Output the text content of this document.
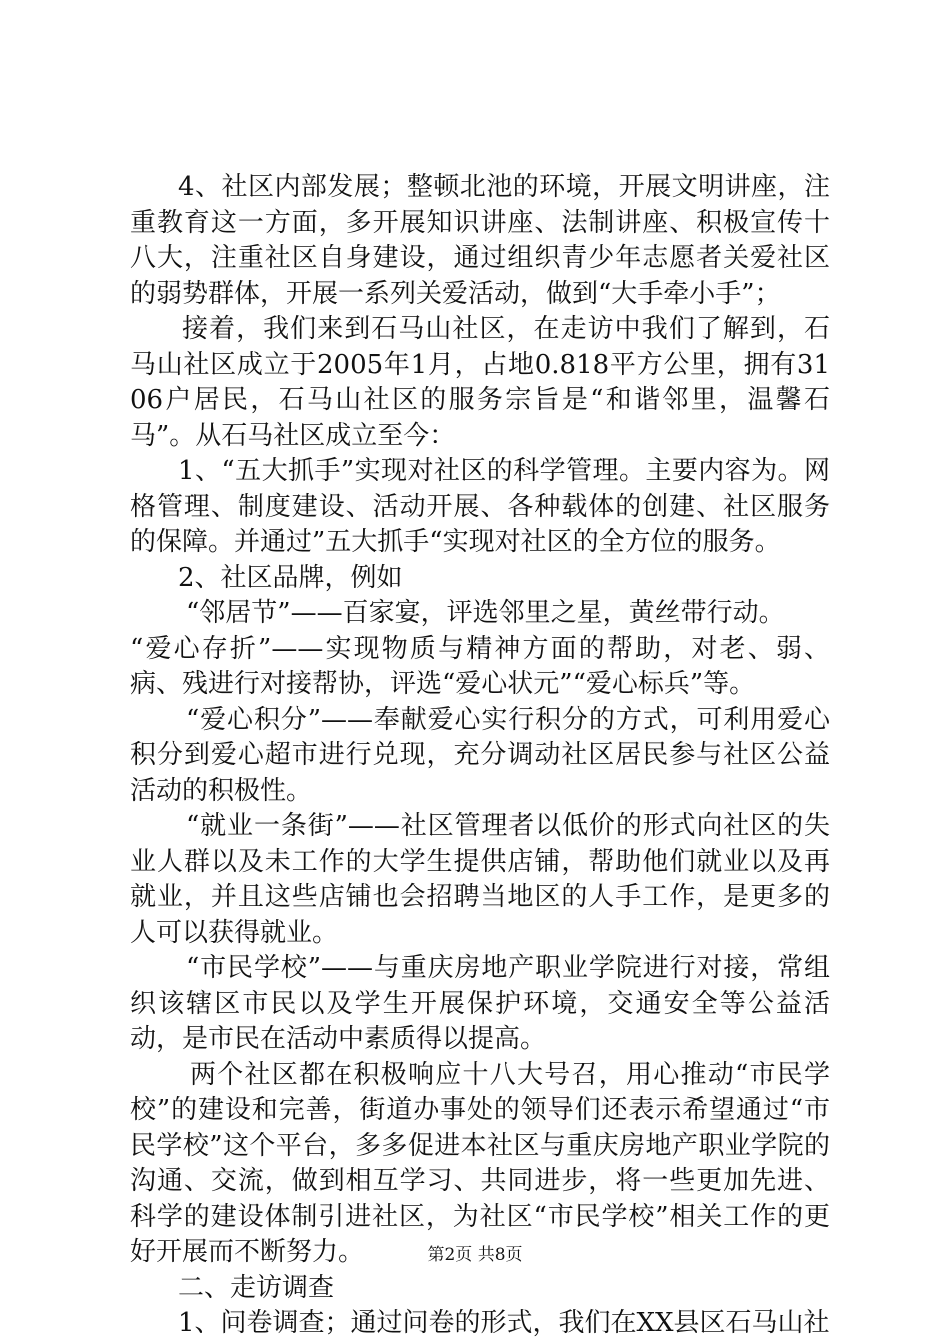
4、社区内部发展；整顿北池的环境，开展文明讲座，注重教育这一方面，多开展知识讲座、法制讲座、积极宣传十八大，注重社区自身建设，通过组织青少年志愿者关爱社区的弱势群体，开展一系列关爱活动，做到“大手牵小手”；

接着，我们来到石马山社区，在走访中我们了解到，石马山社区成立于2005年1月，占地0.818平方公里，拥有3106户居民，石马山社区的服务宗旨是“和谐邻里，温馨石马”。从石马社区成立至今：

1、“五大抓手”实现对社区的科学管理。主要内容为。网格管理、制度建设、活动开展、各种载体的创建、社区服务的保障。并通过”五大抓手“实现对社区的全方位的服务。

2、社区品牌，例如

“邻居节”——百家宴，评选邻里之星，黄丝带行动。

“爱心存折”——实现物质与精神方面的帮助，对老、弱、病、残进行对接帮协，评选“爱心状元”“爱心标兵”等。

“爱心积分”——奉献爱心实行积分的方式，可利用爱心积分到爱心超市进行兑现，充分调动社区居民参与社区公益活动的积极性。

“就业一条街”——社区管理者以低价的形式向社区的失业人群以及未工作的大学生提供店铺，帮助他们就业以及再就业，并且这些店铺也会招聘当地区的人手工作，是更多的人可以获得就业。

“市民学校”——与重庆房地产职业学院进行对接，常组织该辖区市民以及学生开展保护环境，交通安全等公益活动，是市民在活动中素质得以提高。

两个社区都在积极响应十八大号召，用心推动“市民学校”的建设和完善，街道办事处的领导们还表示希望通过“市民学校”这个平台，多多促进本社区与重庆房地产职业学院的沟通、交流，做到相互学习、共同进步，将一些更加先进、科学的建设体制引进社区，为社区“市民学校”相关工作的更好开展而不断努力。

二、走访调查

1、问卷调查；通过问卷的形式，我们在XX县区石马山社

第2页 共8页
